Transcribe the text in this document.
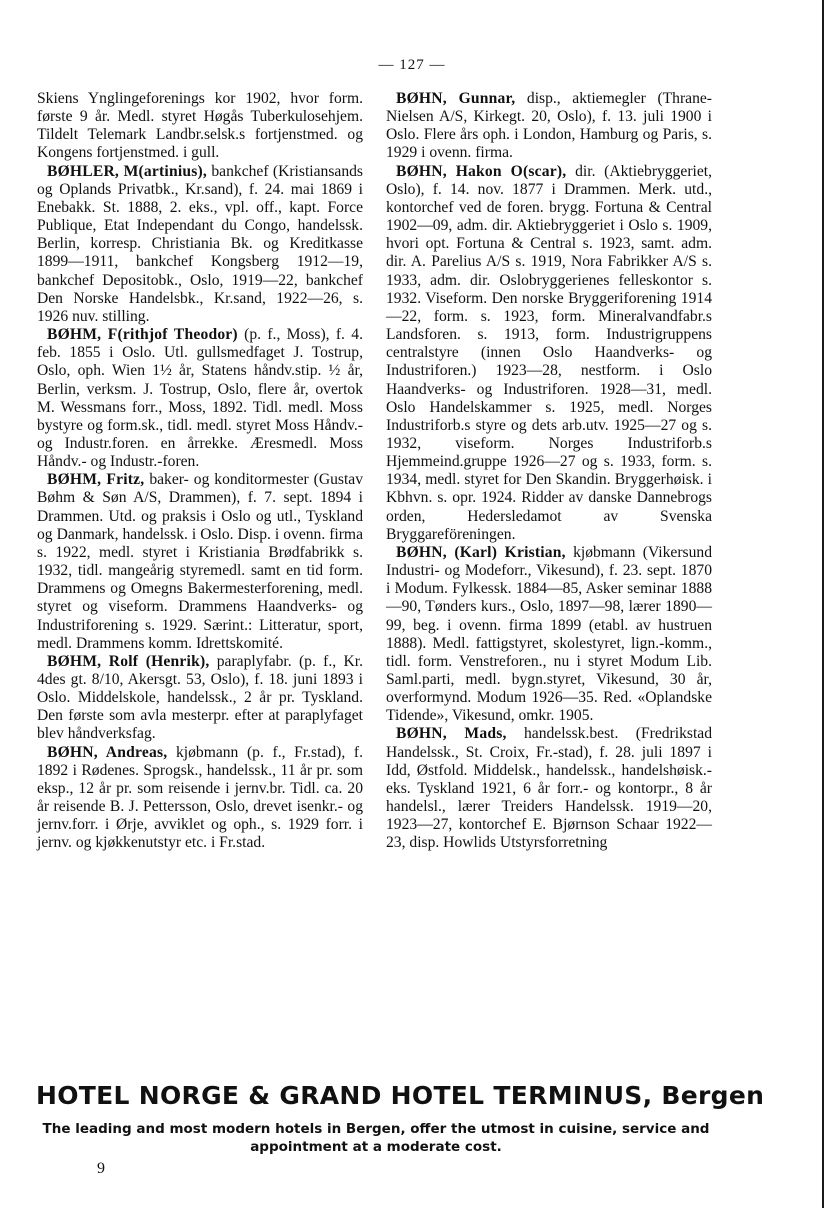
— 127 —

Skiens Ynglingeforenings kor 1902, hvor form. første 9 år. Medl. styret Høgås Tuberkulosehjem. Tildelt Telemark Landbr.selsk.s fortjenstmed. og Kongens fortjenstmed. i gull.

BØHLER, M(artinius), bankchef (Kristiansands og Oplands Privatbk., Kr.sand), f. 24. mai 1869 i Enebakk. St. 1888, 2. eks., vpl. off., kapt. Force Publique, Etat Independant du Congo, handelssk. Berlin, korresp. Christiania Bk. og Kreditkasse 1899—1911, bankchef Kongsberg 1912—19, bankchef Depositobk., Oslo, 1919—22, bankchef Den Norske Handelsbk., Kr.sand, 1922—26, s. 1926 nuv. stilling.

BØHM, F(rithjof Theodor) (p. f., Moss), f. 4. feb. 1855 i Oslo. Utl. gullsmedfaget J. Tostrup, Oslo, oph. Wien 1½ år, Statens håndv.stip. ½ år, Berlin, verksm. J. Tostrup, Oslo, flere år, overtok M. Wessmans forr., Moss, 1892. Tidl. medl. Moss bystyre og form.sk., tidl. medl. styret Moss Håndv.- og Industr.foren. en årrekke. Æresmedl. Moss Håndv.- og Industr.-foren.

BØHM, Fritz, baker- og konditormester (Gustav Bøhm & Søn A/S, Drammen), f. 7. sept. 1894 i Drammen. Utd. og praksis i Oslo og utl., Tyskland og Danmark, handelssk. i Oslo. Disp. i ovenn. firma s. 1922, medl. styret i Kristiania Brødfabrikk s. 1932, tidl. mangeårig styremedl. samt en tid form. Drammens og Omegns Bakermesterforening, medl. styret og viseform. Drammens Haandverks- og Industriforening s. 1929. Særint.: Litteratur, sport, medl. Drammens komm. Idrettskomité.

BØHM, Rolf (Henrik), paraplyfabr. (p. f., Kr. 4des gt. 8/10, Akersgt. 53, Oslo), f. 18. juni 1893 i Oslo. Middelskole, handelssk., 2 år pr. Tyskland. Den første som avla mesterpr. efter at paraplyfaget blev håndverksfag.

BØHN, Andreas, kjøbmann (p. f., Fr.stad), f. 1892 i Rødenes. Sprogsk., handelssk., 11 år pr. som eksp., 12 år pr. som reisende i jernv.br. Tidl. ca. 20 år reisende B. J. Pettersson, Oslo, drevet isenkr.- og jernv.forr. i Ørje, avviklet og oph., s. 1929 forr. i jernv. og kjøkkenutstyr etc. i Fr.stad.

BØHN, Gunnar, disp., aktiemegler (Thrane-Nielsen A/S, Kirkegt. 20, Oslo), f. 13. juli 1900 i Oslo. Flere års oph. i London, Hamburg og Paris, s. 1929 i ovenn. firma.

BØHN, Hakon O(scar), dir. (Aktiebryggeriet, Oslo), f. 14. nov. 1877 i Drammen. Merk. utd., kontorchef ved de foren. brygg. Fortuna & Central 1902—09, adm. dir. Aktiebryggeriet i Oslo s. 1909, hvori opt. Fortuna & Central s. 1923, samt. adm. dir. A. Parelius A/S s. 1919, Nora Fabrikker A/S s. 1933, adm. dir. Oslobryggerienes felleskontor s. 1932. Viseform. Den norske Bryggeriforening 1914—22, form. s. 1923, form. Mineralvandfabr.s Landsforen. s. 1913, form. Industrigruppens centralstyre (innen Oslo Haandverks- og Industriforen.) 1923—28, nestform. i Oslo Haandverks- og Industriforen. 1928—31, medl. Oslo Handelskammer s. 1925, medl. Norges Industriforb.s styre og dets arb.utv. 1925—27 og s. 1932, viseform. Norges Industriforb.s Hjemmeind.gruppe 1926—27 og s. 1933, form. s. 1934, medl. styret for Den Skandin. Bryggerhøisk. i Kbhvn. s. opr. 1924. Ridder av danske Dannebrogs orden, Hedersledamot av Svenska Bryggareföreningen.

BØHN, (Karl) Kristian, kjøbmann (Vikersund Industri- og Modeforr., Vikesund), f. 23. sept. 1870 i Modum. Fylkessk. 1884—85, Asker seminar 1888—90, Tønders kurs., Oslo, 1897—98, lærer 1890—99, beg. i ovenn. firma 1899 (etabl. av hustruen 1888). Medl. fattigstyret, skolestyret, lign.-komm., tidl. form. Venstreforen., nu i styret Modum Lib. Saml.parti, medl. bygn.styret, Vikesund, 30 år, overformynd. Modum 1926—35. Red. «Oplandske Tidende», Vikesund, omkr. 1905.

BØHN, Mads, handelssk.best. (Fredrikstad Handelssk., St. Croix, Fr.-stad), f. 28. juli 1897 i Idd, Østfold. Middelsk., handelssk., handelshøisk.-eks. Tyskland 1921, 6 år forr.- og kontorpr., 8 år handelsl., lærer Treiders Handelssk. 1919—20, 1923—27, kontorchef E. Bjørnson Schaar 1922—23, disp. Howlids Utstyrsforretning

HOTEL NORGE & GRAND HOTEL TERMINUS, Bergen
The leading and most modern hotels in Bergen, offer the utmost in cuisine, service and appointment at a moderate cost.
9
